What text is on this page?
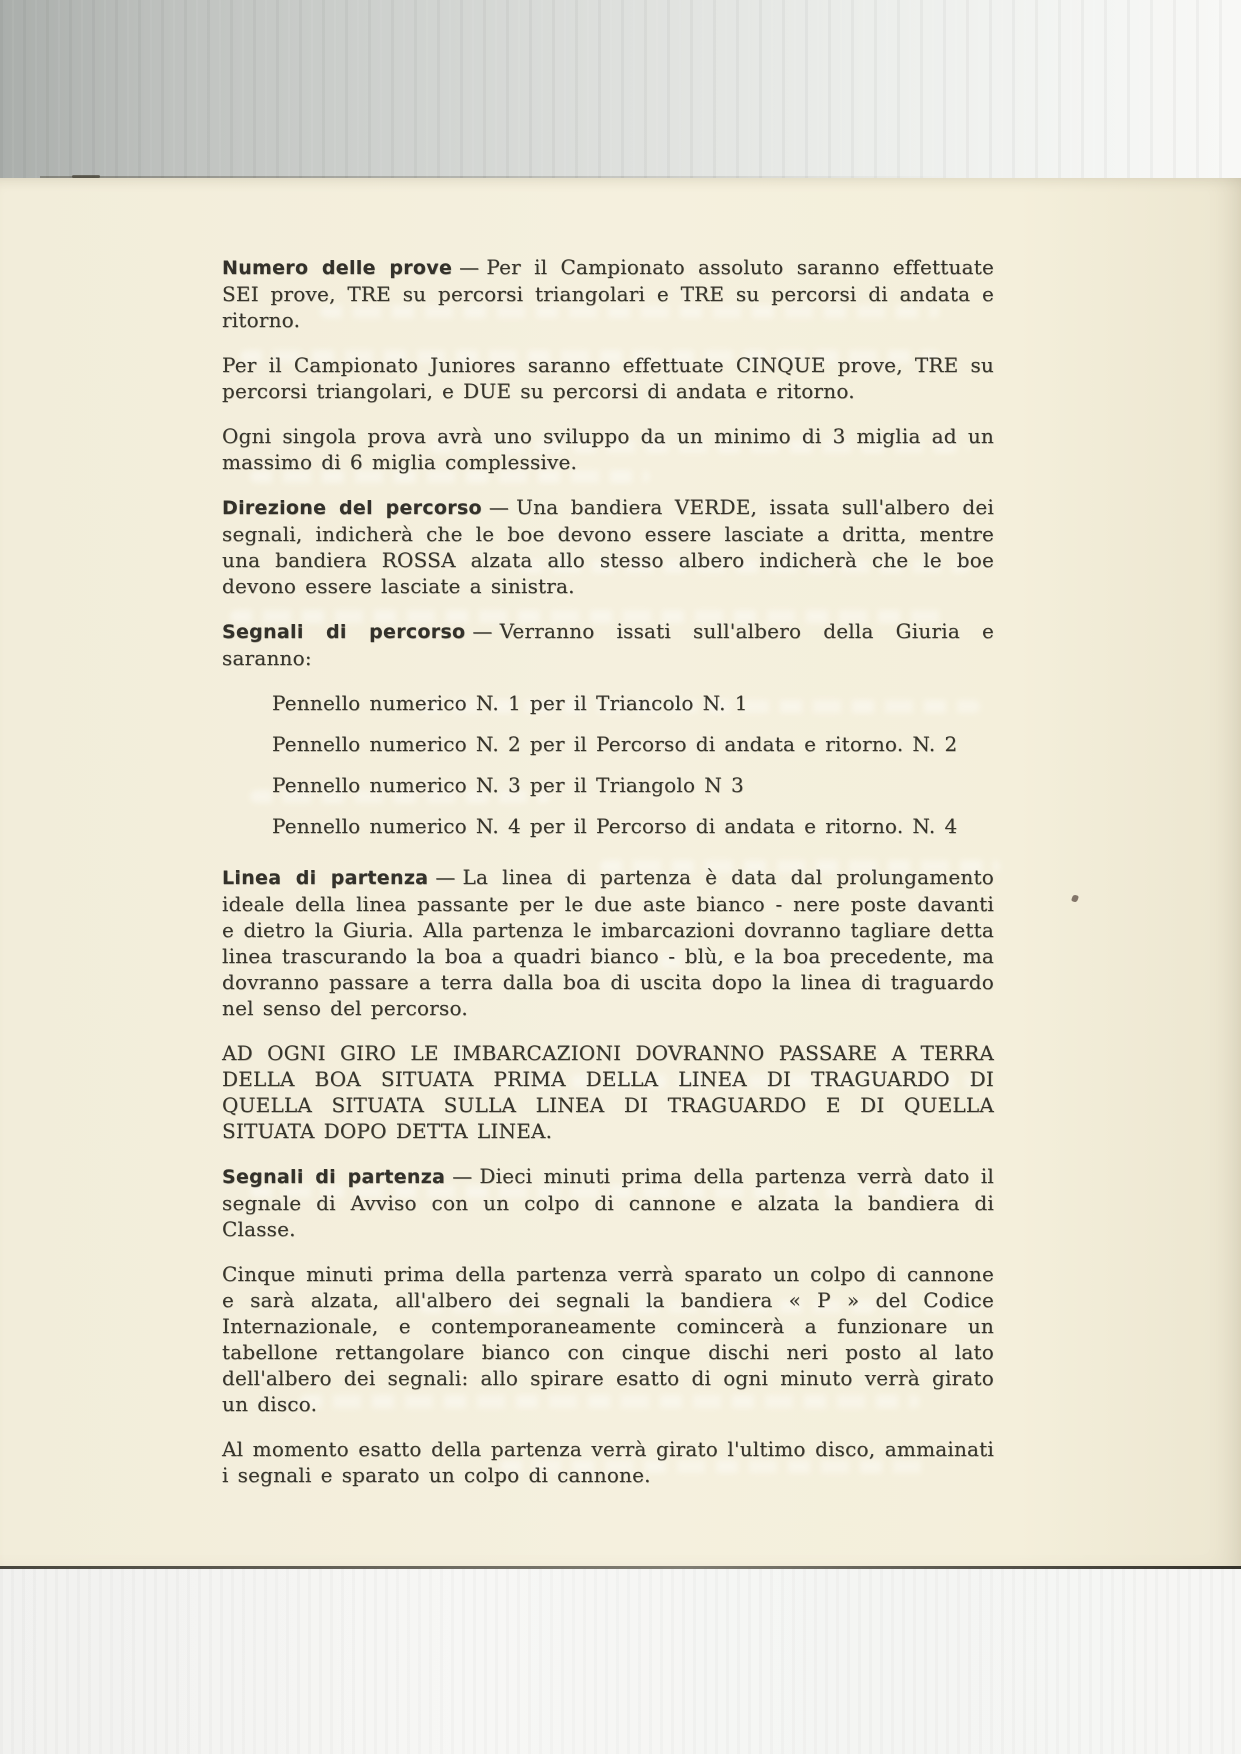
Numero delle prove — Per il Campionato assoluto saranno effettuate SEI prove, TRE su percorsi triangolari e TRE su percorsi di andata e ritorno.

Per il Campionato Juniores saranno effettuate CINQUE prove, TRE su percorsi triangolari, e DUE su percorsi di andata e ritorno.

Ogni singola prova avrà uno sviluppo da un minimo di 3 miglia ad un massimo di 6 miglia complessive.

Direzione del percorso — Una bandiera VERDE, issata sull'albero dei segnali, indicherà che le boe devono essere lasciate a dritta, mentre una bandiera ROSSA alzata allo stesso albero indicherà che le boe devono essere lasciate a sinistra.

Segnali di percorso — Verranno issati sull'albero della Giuria e saranno:

Pennello numerico N. 1 per il Triancolo N. 1

Pennello numerico N. 2 per il Percorso di andata e ritorno. N. 2

Pennello numerico N. 3 per il Triangolo N 3

Pennello numerico N. 4 per il Percorso di andata e ritorno. N. 4

Linea di partenza — La linea di partenza è data dal prolungamento ideale della linea passante per le due aste bianco - nere poste davanti e dietro la Giuria. Alla partenza le imbarcazioni dovranno tagliare detta linea trascurando la boa a quadri bianco - blù, e la boa precedente, ma dovranno passare a terra dalla boa di uscita dopo la linea di traguardo nel senso del percorso.

AD OGNI GIRO LE IMBARCAZIONI DOVRANNO PASSARE A TERRA DELLA BOA SITUATA PRIMA DELLA LINEA DI TRAGUARDO DI QUELLA SITUATA SULLA LINEA DI TRAGUARDO E DI QUELLA SITUATA DOPO DETTA LINEA.

Segnali di partenza — Dieci minuti prima della partenza verrà dato il segnale di Avviso con un colpo di cannone e alzata la bandiera di Classe.

Cinque minuti prima della partenza verrà sparato un colpo di cannone e sarà alzata, all'albero dei segnali la bandiera « P » del Codice Internazionale, e contemporaneamente comincerà a funzionare un tabellone rettangolare bianco con cinque dischi neri posto al lato dell'albero dei segnali: allo spirare esatto di ogni minuto verrà girato un disco.

Al momento esatto della partenza verrà girato l'ultimo disco, ammainati i segnali e sparato un colpo di cannone.
